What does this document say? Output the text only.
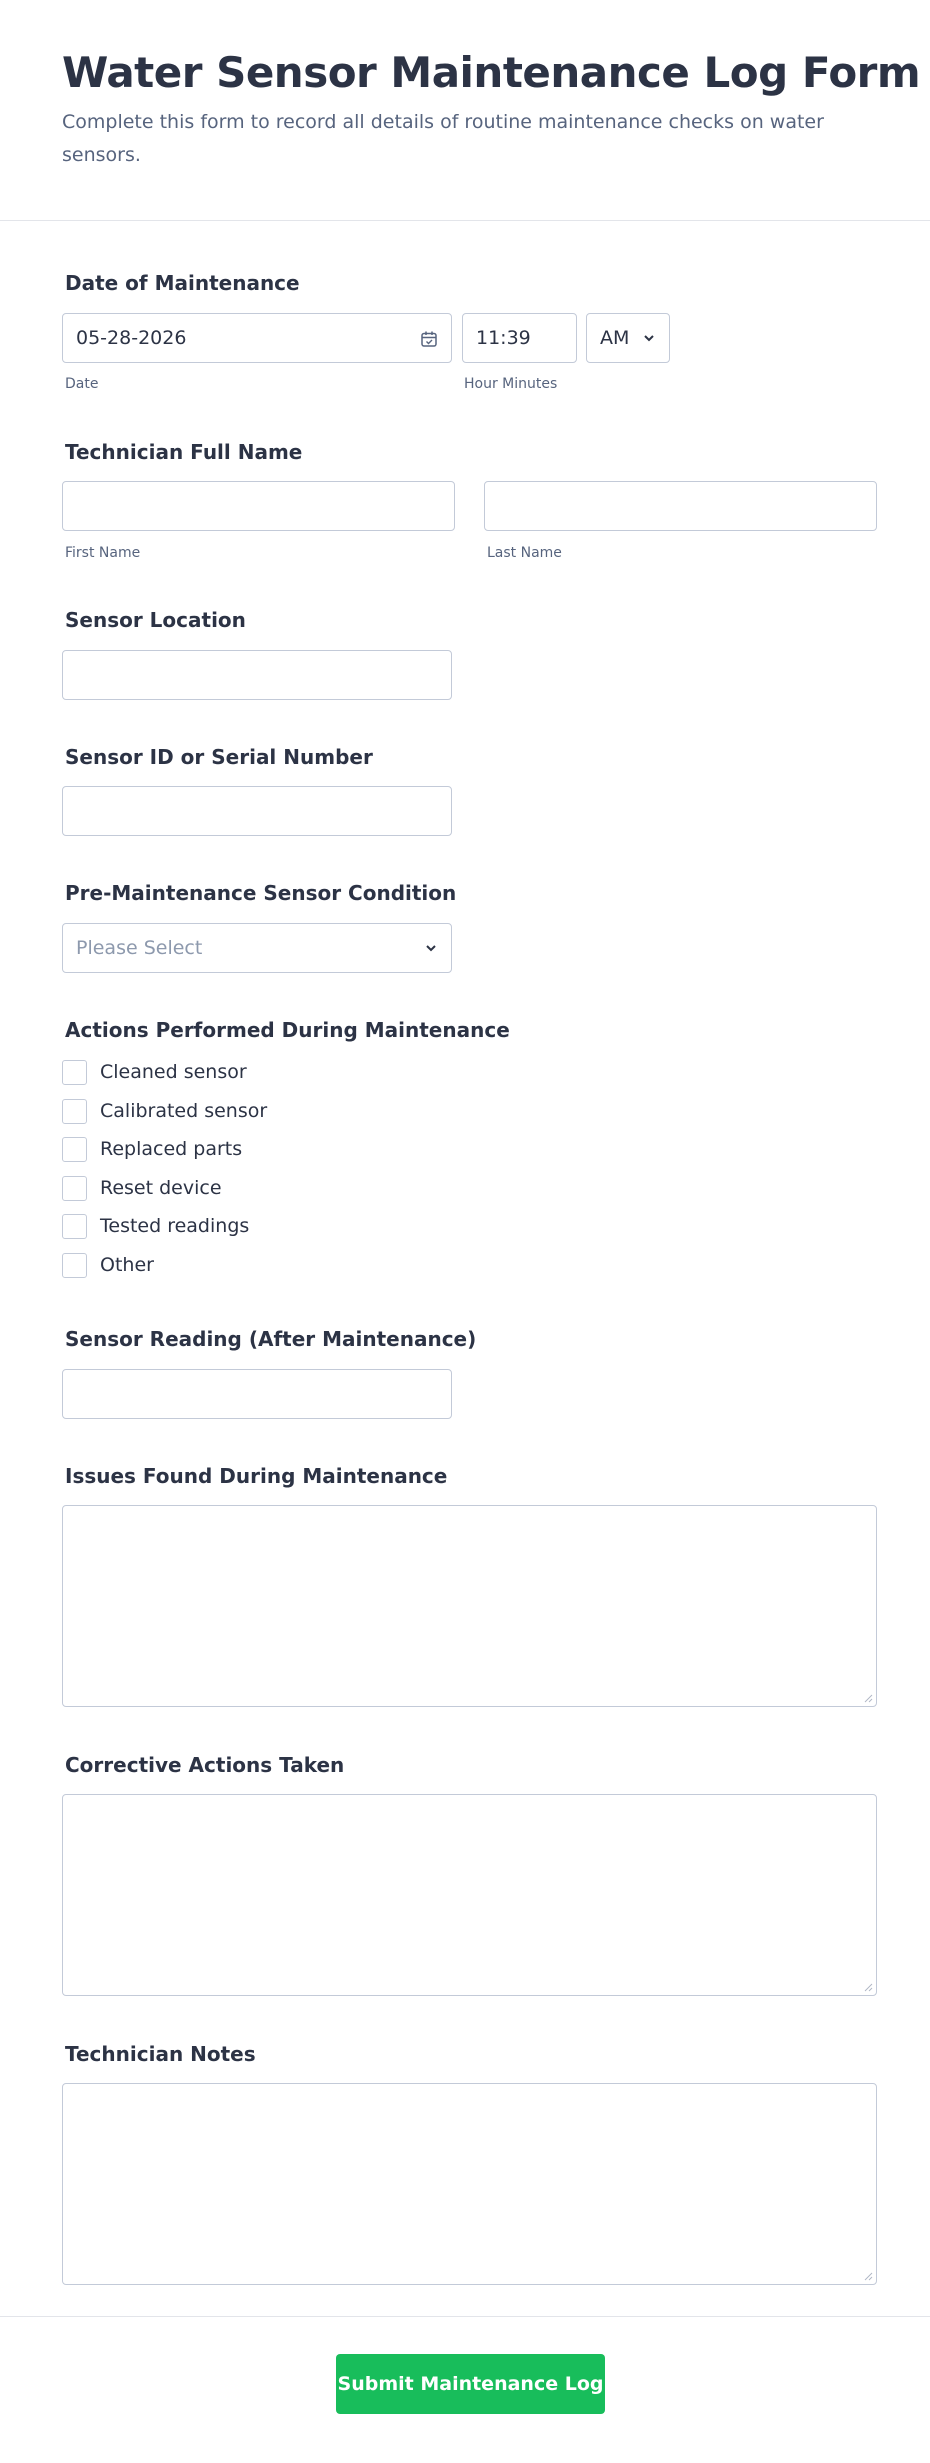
Water Sensor Maintenance Log Form
Complete this form to record all details of routine maintenance checks on water sensors.
Date of Maintenance
05-28-2026
Date
11:39
Hour Minutes
AM
Technician Full Name
First Name	Last Name
Sensor Location
Sensor ID or Serial Number
Pre-Maintenance Sensor Condition
Please Select
Actions Performed During Maintenance
Cleaned sensor
Calibrated sensor
Replaced parts
Reset device
Tested readings
Other
Sensor Reading (After Maintenance)
Issues Found During Maintenance
Corrective Actions Taken
Technician Notes
Submit Maintenance Log
